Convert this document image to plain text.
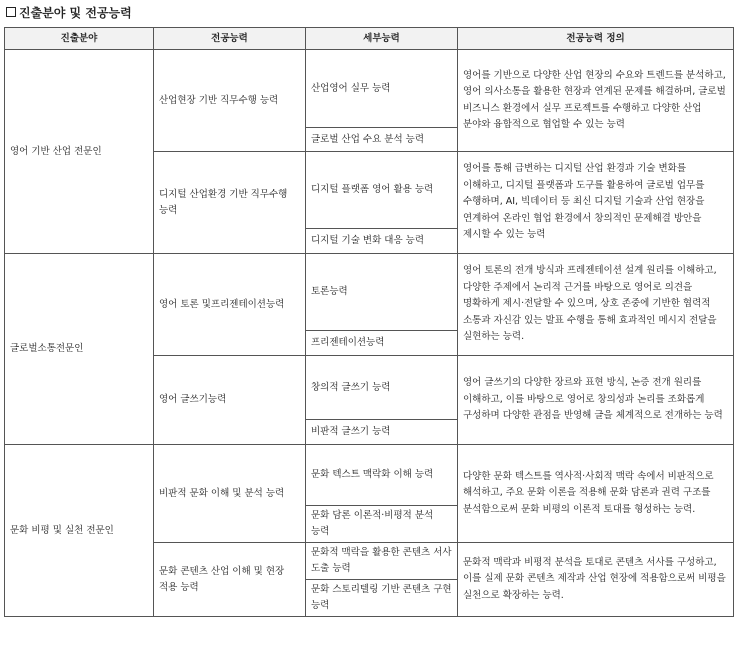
진출분야 및 전공능력
진출분야	전공능력	세부능력	전공능력 정의
영어 기반 산업 전문인	산업현장 기반 직무수행 능력	산업영어 실무 능력	영어를 기반으로 다양한 산업 현장의 수요와 트렌드를 분석하고, 영어 의사소통을 활용한 현장과 연계된 문제를 해결하며, 글로벌 비즈니스 환경에서 실무 프로젝트를 수행하고 다양한 산업 분야와 융합적으로 협업할 수 있는 능력
		글로벌 산업 수요 분석 능력	
	디지털 산업환경 기반 직무수행 능력	디지털 플랫폼 영어 활용 능력	영어를 통해 급변하는 디지털 산업 환경과 기술 변화를 이해하고, 디지털 플랫폼과 도구를 활용하여 글로벌 업무를 수행하며, AI, 빅데이터 등 최신 디지털 기술과 산업 현장을 연계하여 온라인 협업 환경에서 창의적인 문제해결 방안을 제시할 수 있는 능력
		디지털 기술 변화 대응 능력	
글로벌소통전문인	영어 토론 및프리젠테이션능력	토론능력	영어 토론의 전개 방식과 프레젠테이션 설계 원리를 이해하고, 다양한 주제에서 논리적 근거를 바탕으로 영어로 의견을 명확하게 제시·전달할 수 있으며, 상호 존중에 기반한 협력적 소통과 자신감 있는 발표 수행을 통해 효과적인 메시지 전달을 실현하는 능력.
		프리젠테이션능력	
	영어 글쓰기능력	창의적 글쓰기 능력	영어 글쓰기의 다양한 장르와 표현 방식, 논증 전개 원리를 이해하고, 이를 바탕으로 영어로 창의성과 논리를 조화롭게 구성하며 다양한 관점을 반영해 글을 체계적으로 전개하는 능력
		비판적 글쓰기 능력	
문화 비평 및 실천 전문인	비판적 문화 이해 및 분석 능력	문화 텍스트 맥락화 이해 능력	다양한 문화 텍스트를 역사적·사회적 맥락 속에서 비판적으로 해석하고, 주요 문화 이론을 적용해 문화 담론과 권력 구조를 분석함으로써 문화 비평의 이론적 토대를 형성하는 능력.
		문화 담론 이론적·비평적 분석 능력	
	문화 콘텐츠 산업 이해 및 현장 적용 능력	문화적 맥락을 활용한 콘텐츠 서사 도출 능력	문화적 맥락과 비평적 분석을 토대로 콘텐츠 서사를 구성하고, 이를 실제 문화 콘텐츠 제작과 산업 현장에 적용함으로써 비평을 실천으로 확장하는 능력.
		문화 스토리텔링 기반 콘텐츠 구현 능력	
